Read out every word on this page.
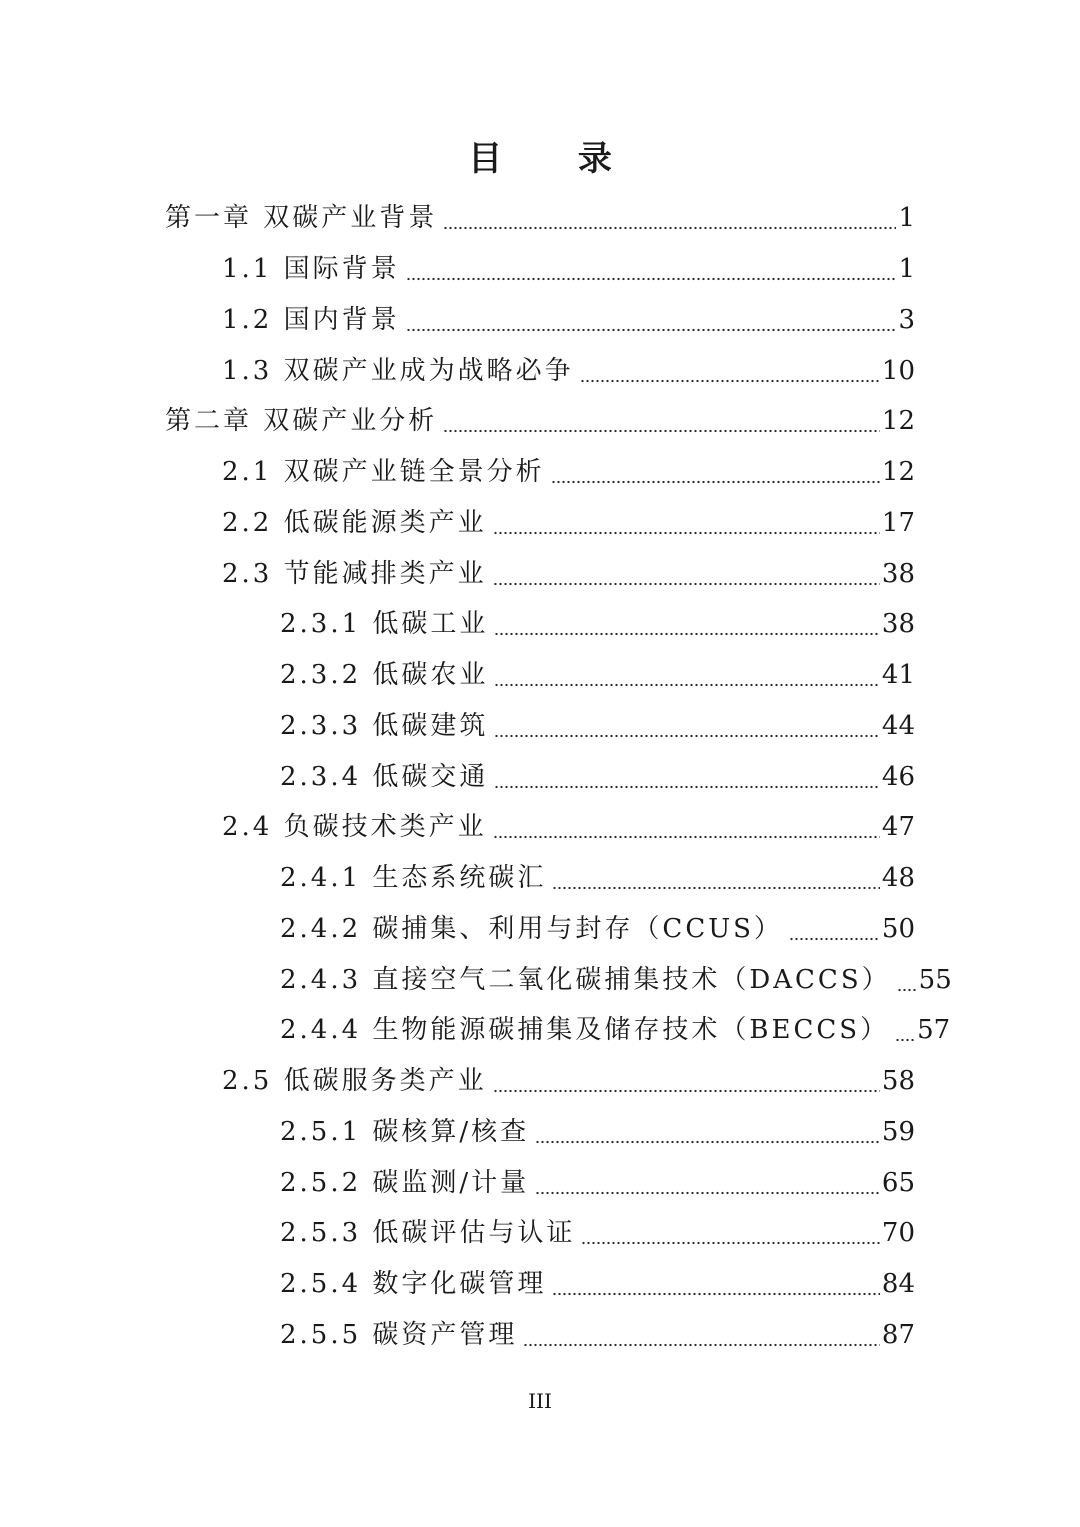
目 录
第一章 双碳产业背景	1
1.1 国际背景	1
1.2 国内背景	3
1.3 双碳产业成为战略必争	10
第二章 双碳产业分析	12
2.1 双碳产业链全景分析	12
2.2 低碳能源类产业	17
2.3 节能减排类产业	38
2.3.1 低碳工业	38
2.3.2 低碳农业	41
2.3.3 低碳建筑	44
2.3.4 低碳交通	46
2.4 负碳技术类产业	47
2.4.1 生态系统碳汇	48
2.4.2 碳捕集、利用与封存（CCUS）	50
2.4.3 直接空气二氧化碳捕集技术（DACCS） 55
2.4.4 生物能源碳捕集及储存技术（BECCS） 57
2.5 低碳服务类产业	58
2.5.1 碳核算/核查	59
2.5.2 碳监测/计量	65
2.5.3 低碳评估与认证	70
2.5.4 数字化碳管理	84
2.5.5 碳资产管理	87
III
